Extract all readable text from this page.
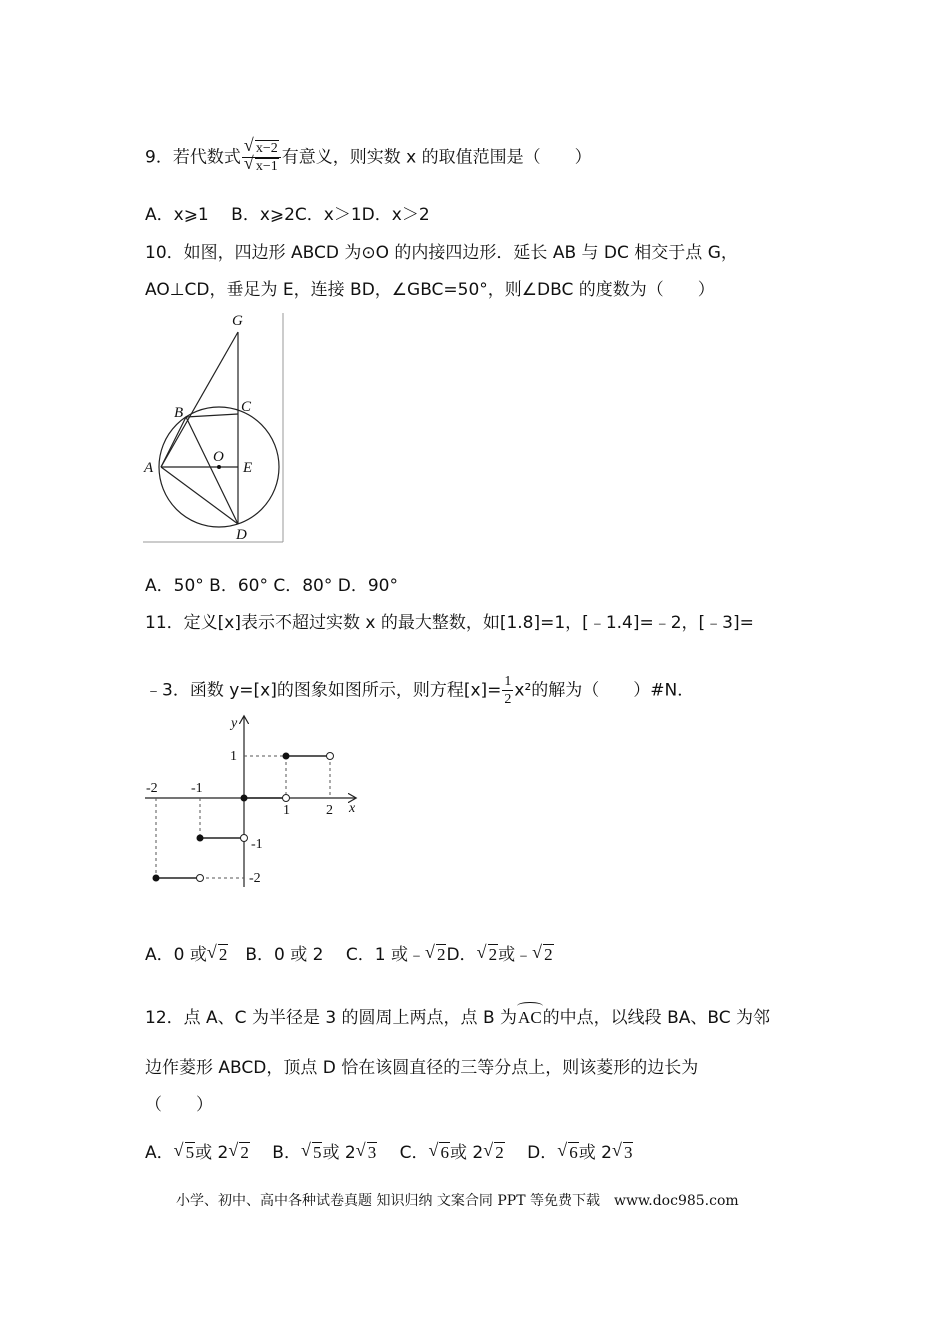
9．若代数式 $\frac{√ x-2}{√ x-1}$ 有意义，则实数 x 的取值范围是（　　）
A．x⩾1　 B．x⩾2C．x＞1D．x＞2
10．如图，四边形 ABCD 为⊙O 的内接四边形．延长 AB 与 DC 相交于点 G，
AO⊥CD，垂足为 E，连接 BD，∠GBC=50°，则∠DBC 的度数为（　　）
G
B	C
A
O
E
D
A．50° B．60° C．80° D．90°
11．定义[x]表示不超过实数 x 的最大整数，如[1.8]=1，[﹣1.4]=﹣2，[﹣3]=
﹣3．函数 y=[x]的图象如图所示，则方程$[x]= \frac{1}{2} x^2$的解为（　　）#N．
y
x
-2 -1
1	2
1
-1
-2
A．0 或 √ 2　 B．0 或 2　 C．1 或﹣ √ 2D． √ 2或﹣ √ 2
12．点 A、C 为半径是 3 的圆周上两点，点 B 为AC的中点，以线段 BA、BC 为邻
边作菱形 ABCD，顶点 D 恰在该圆直径的三等分点上，则该菱形的边长为
（　　）
A． √ 5或 2 √ 2　 B． √ 5或 2 √ 3　 C． √ 6或 2 √ 2　 D． √ 6或 2 √ 3
小学、初中、高中各种试卷真题 知识归纳 文案合同 PPT 等免费下载　www.doc985.com
